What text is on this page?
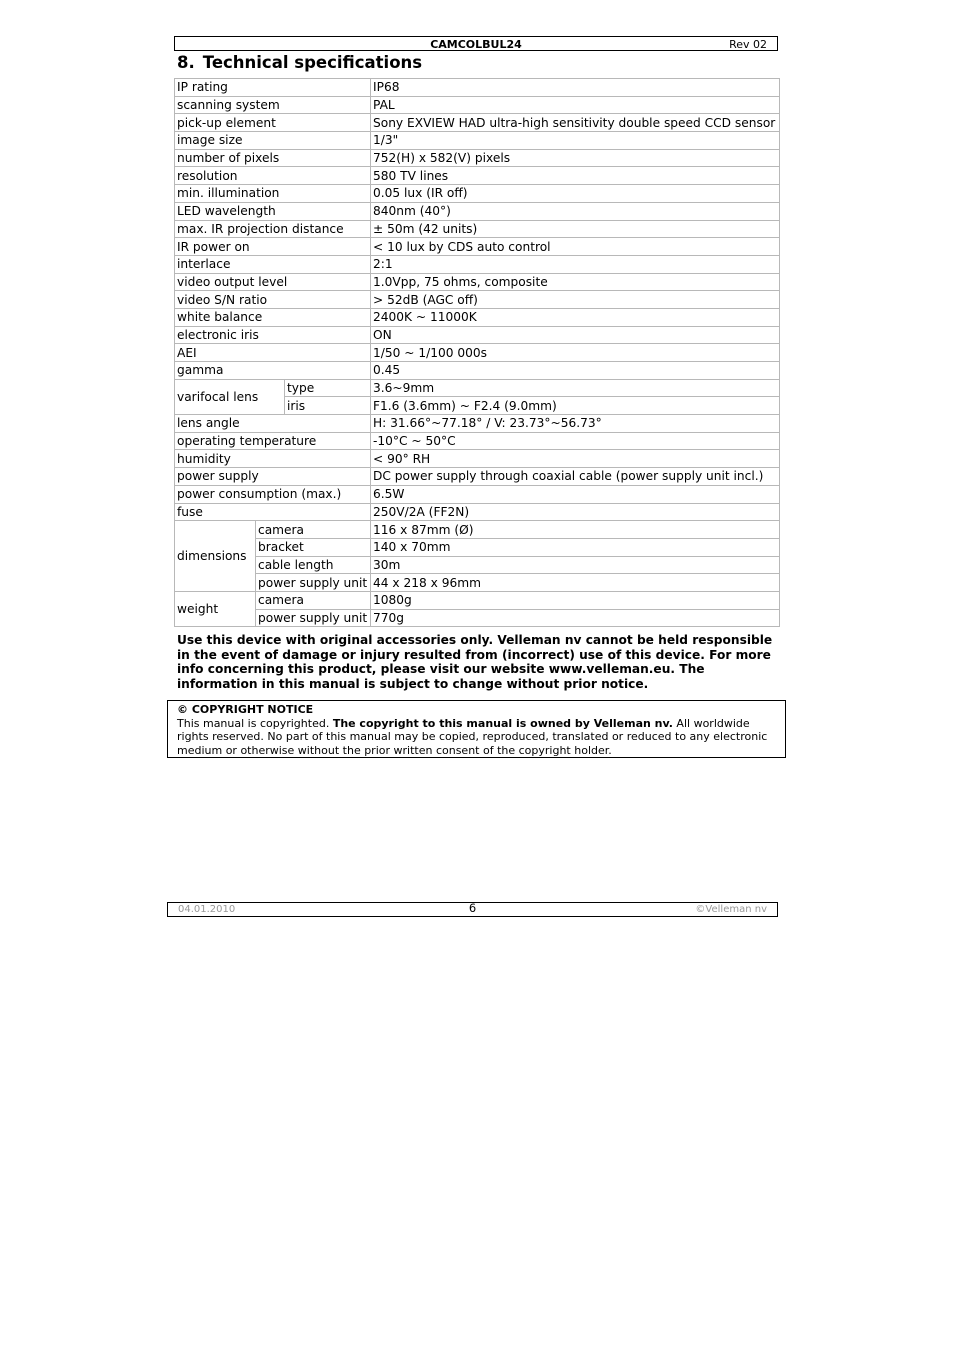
CAMCOLBUL24	Rev 02
8. Technical specifications
IP rating			IP68
scanning system			PAL
pick-up element			Sony EXVIEW HAD ultra-high sensitivity double speed CCD sensor
image size			1/3"
number of pixels			752(H) x 582(V) pixels
resolution			580 TV lines
min. illumination			0.05 lux (IR off)
LED wavelength			840nm (40°)
max. IR projection distance			± 50m (42 units)
IR power on			< 10 lux by CDS auto control
interlace			2:1
video output level			1.0Vpp, 75 ohms, composite
video S/N ratio			> 52dB (AGC off)
white balance			2400K ~ 11000K
electronic iris			ON
AEI			1/50 ~ 1/100 000s
gamma			0.45
varifocal lens		type	3.6~9mm
		iris	F1.6 (3.6mm) ~ F2.4 (9.0mm)
lens angle			H: 31.66°~77.18° / V: 23.73°~56.73°
operating temperature			-10°C ~ 50°C
humidity			< 90° RH
power supply			DC power supply through coaxial cable (power supply unit incl.)
power consumption (max.)			6.5W
fuse			250V/2A (FF2N)
dimensions	camera		116 x 87mm (Ø)
	bracket		140 x 70mm
	cable length		30m
	power supply unit		44 x 218 x 96mm
weight	camera		1080g
	power supply unit		770g
Use this device with original accessories only. Velleman nv cannot be held responsible in the event of damage or injury resulted from (incorrect) use of this device. For more info concerning this product, please visit our website www.velleman.eu. The information in this manual is subject to change without prior notice.
© COPYRIGHT NOTICE
This manual is copyrighted. The copyright to this manual is owned by Velleman nv. All worldwide rights reserved. No part of this manual may be copied, reproduced, translated or reduced to any electronic medium or otherwise without the prior written consent of the copyright holder.
04.01.2010	6	©Velleman nv
